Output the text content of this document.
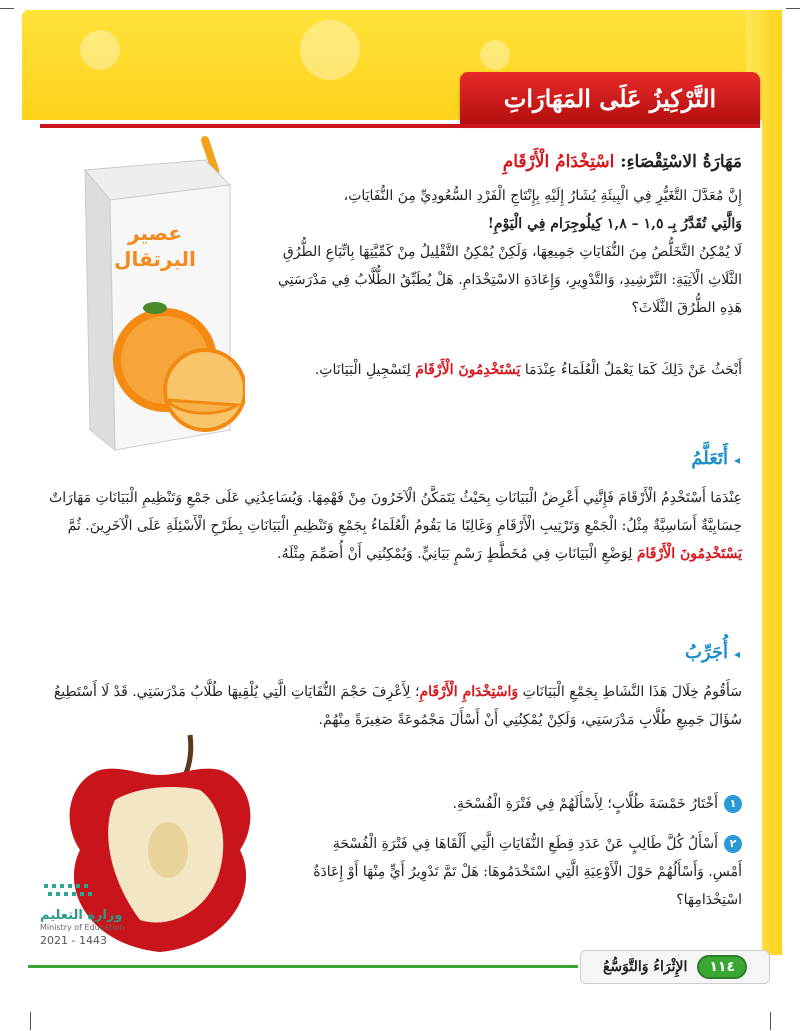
التَّرْكِيزُ عَلَى المَهَارَاتِ
عصير
البرتقال
مَهَارَةُ الاسْتِقْصَاءِ: اسْتِخْدَامُ الْأَرْقَامِ
إِنَّ مُعَدَّلَ التَّغَيُّرِ فِي الْبِيئَةِ يُشَارُ إِلَيْهِ بِإِنْتَاجِ الْفَرْدِ السُّعُودِيِّ مِنَ النُّفَايَاتِ،
وَالَّتِي تُقَدَّرُ بِـ ١,٥ – ١,٨ كِيلُوجِرَام فِي الْيَوْمِ!
لَا يُمْكِنُ التَّخَلُّصُ مِنَ النُّفَايَاتِ جَمِيعِهَا، وَلَكِنْ يُمْكِنُ التَّقْلِيلُ مِنْ كَمِّيَّتِهَا بِاتِّبَاعِ الطُّرُقِ الثَّلَاثِ الْآتِيَةِ: التَّرْشِيدِ، وَالتَّدْوِيرِ، وَإِعَادَةِ الاسْتِخْدَامِ. هَلْ يُطَبِّقُ الطُّلَّابُ فِي مَدْرَسَتِي هَذِهِ الطُّرُقَ الثَّلَاثَ؟
أَبْحَثُ عَنْ ذَلِكَ كَمَا يَعْمَلُ الْعُلَمَاءُ عِنْدَمَا يَسْتَخْدِمُونَ الْأَرْقَامَ لِتَسْجِيلِ الْبَيَانَاتِ.
◂أَتَعَلَّمُ
عِنْدَمَا أَسْتَخْدِمُ الْأَرْقَامَ فَإِنَّنِي أَعْرِضُ الْبَيَانَاتِ بِحَيْثُ يَتَمَكَّنُ الْآخَرُونَ مِنْ فَهْمِهَا. وَيُسَاعِدُنِي عَلَى جَمْعِ وَتَنْظِيمِ الْبَيَانَاتِ مَهَارَاتٌ حِسَابِيَّةٌ أَسَاسِيَّةٌ مِثْلُ: الْجَمْعِ وَتَرْتِيبِ الْأَرْقَامِ وَغَالِبًا مَا يَقُومُ الْعُلَمَاءُ بِجَمْعِ وَتَنْظِيمِ الْبَيَانَاتِ بِطَرْحِ الْأَسْئِلَةِ عَلَى الْآخَرِينَ. ثُمَّ يَسْتَخْدِمُونَ الْأَرْقَامَ لِوَضْعِ الْبَيَانَاتِ فِي مُخَطَّطٍ رَسْمٍ بَيَانِيٍّ. وَيُمْكِنُنِي أَنْ أُصَمِّمَ مِثْلَهُ.
◂أُجَرِّبُ
سَأَقُومُ خِلَالَ هَذَا النَّشَاطِ بِجَمْعِ الْبَيَانَاتِ وَاسْتِخْدَامِ الْأَرْقَامِ؛ لِأَعْرِفَ حَجْمَ النُّفَايَاتِ الَّتِي يُلْقِيهَا طُلَّابُ مَدْرَسَتِي. قَدْ لَا أَسْتَطِيعُ سُؤَالَ جَمِيعِ طُلَّابِ مَدْرَسَتِي، وَلَكِنْ يُمْكِنُنِي أَنْ أَسْأَلَ مَجْمُوعَةً صَغِيرَةً مِنْهُمْ.
١أَخْتَارُ خَمْسَةَ طُلَّابٍ؛ لِأَسْأَلَهُمْ فِي فَتْرَةِ الْفُسْحَةِ.
٢أَسْأَلُ كُلَّ طَالِبٍ عَنْ عَدَدِ قِطَعِ النُّفَايَاتِ الَّتِي أَلْقَاهَا فِي فَتْرَةِ الْفُسْحَةِ أَمْسِ. وَأَسْأَلُهُمْ حَوْلَ الْأَوْعِيَةِ الَّتِي اسْتَخْدَمُوهَا: هَلْ تَمَّ تَدْوِيرُ أَيٍّ مِنْهَا أَوْ إِعَادَةُ اسْتِخْدَامِهَا؟
وزارة التعليم
Ministry of Education
2021 - 1443
١١٤
الإِثْرَاءُ وَالتَّوَسُّعُ
